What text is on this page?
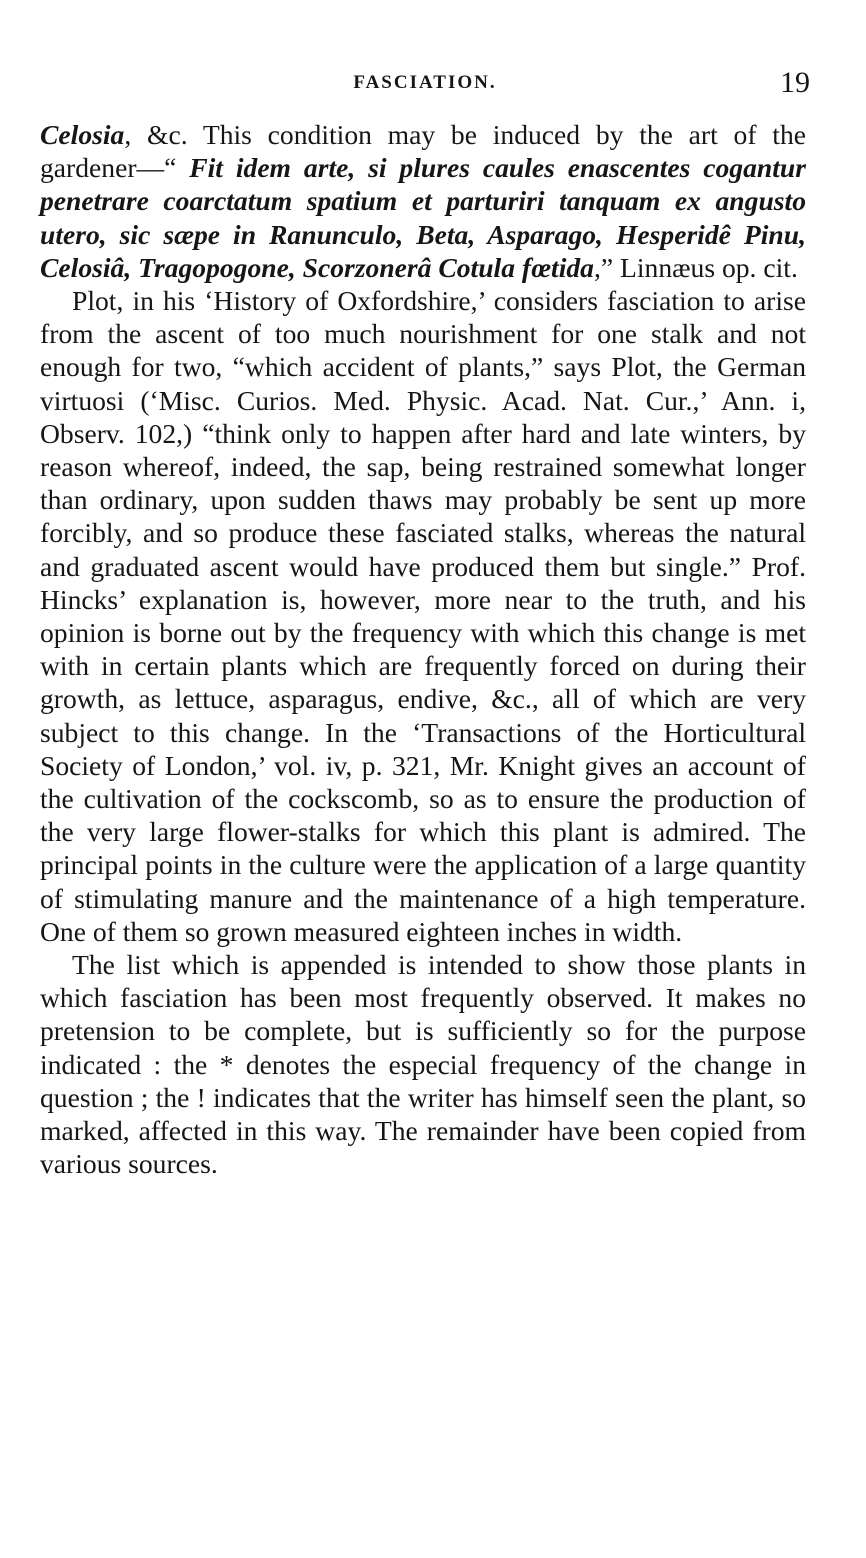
FASCIATION.	19

Celosia, &c. This condition may be induced by the art of the gardener—“ Fit idem arte, si plures caules enascentes cogantur penetrare coarctatum spatium et parturiri tanquam ex angusto utero, sic sæpe in Ranunculo, Beta, Asparago, Hesperidê Pinu, Celosiâ, Tragopogone, Scorzonerâ Cotula fœtida,” Linnæus op. cit.

Plot, in his ‘History of Oxfordshire,’ considers fasciation to arise from the ascent of too much nourishment for one stalk and not enough for two, “which accident of plants,” says Plot, the German virtuosi (‘Misc. Curios. Med. Physic. Acad. Nat. Cur.,’ Ann. i, Observ. 102,) “think only to happen after hard and late winters, by reason whereof, indeed, the sap, being restrained somewhat longer than ordinary, upon sudden thaws may probably be sent up more forcibly, and so produce these fasciated stalks, whereas the natural and graduated ascent would have produced them but single.” Prof. Hincks’ explanation is, however, more near to the truth, and his opinion is borne out by the frequency with which this change is met with in certain plants which are frequently forced on during their growth, as lettuce, asparagus, endive, &c., all of which are very subject to this change. In the ‘Transactions of the Horticultural Society of London,’ vol. iv, p. 321, Mr. Knight gives an account of the cultivation of the cockscomb, so as to ensure the production of the very large flower-stalks for which this plant is admired. The principal points in the culture were the application of a large quantity of stimulating manure and the maintenance of a high temperature. One of them so grown measured eighteen inches in width.

The list which is appended is intended to show those plants in which fasciation has been most frequently observed. It makes no pretension to be complete, but is sufficiently so for the purpose indicated : the * denotes the especial frequency of the change in question ; the ! indicates that the writer has himself seen the plant, so marked, affected in this way. The remainder have been copied from various sources.
